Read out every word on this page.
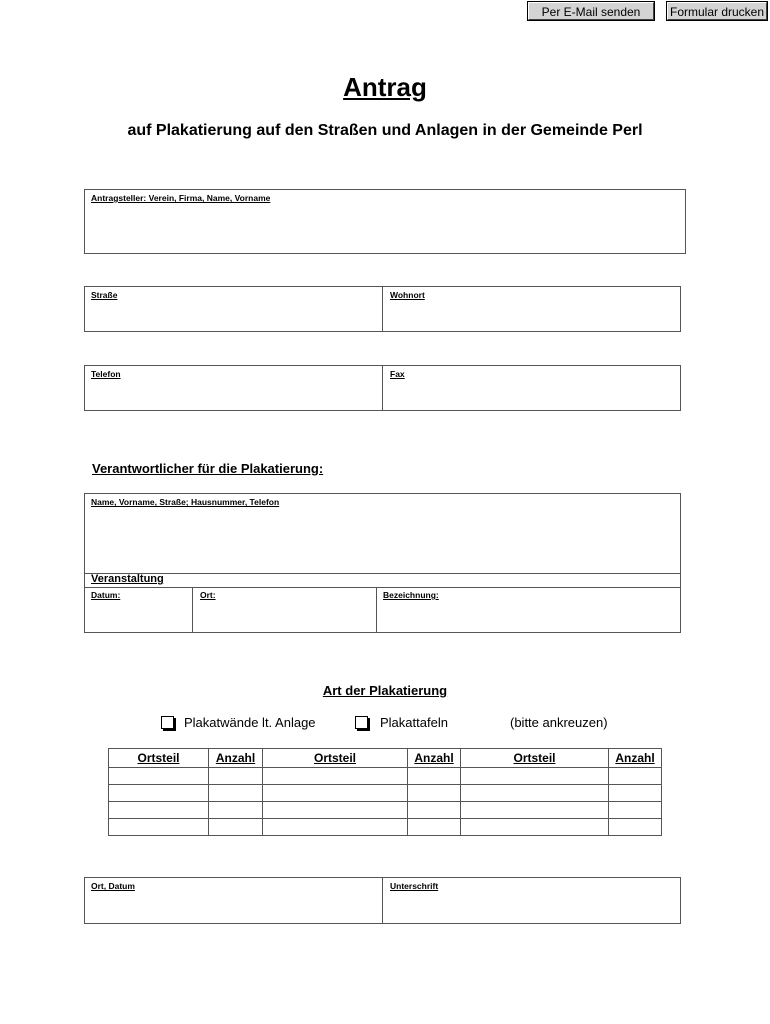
Per E-Mail senden	Formular drucken
Antrag
auf Plakatierung auf den Straßen und Anlagen in der Gemeinde Perl
Antragsteller: Verein, Firma, Name, Vorname
Straße	Wohnort
Telefon	Fax
Verantwortlicher für die Plakatierung:
Name, Vorname, Straße; Hausnummer, Telefon
Veranstaltung
Datum:	Ort:	Bezeichnung:
Art der Plakatierung
Plakatwände lt. Anlage	Plakattafeln	(bitte ankreuzen)
Ortsteil	Anzahl	Ortsteil	Anzahl	Ortsteil	Anzahl

Ort, Datum	Unterschrift
